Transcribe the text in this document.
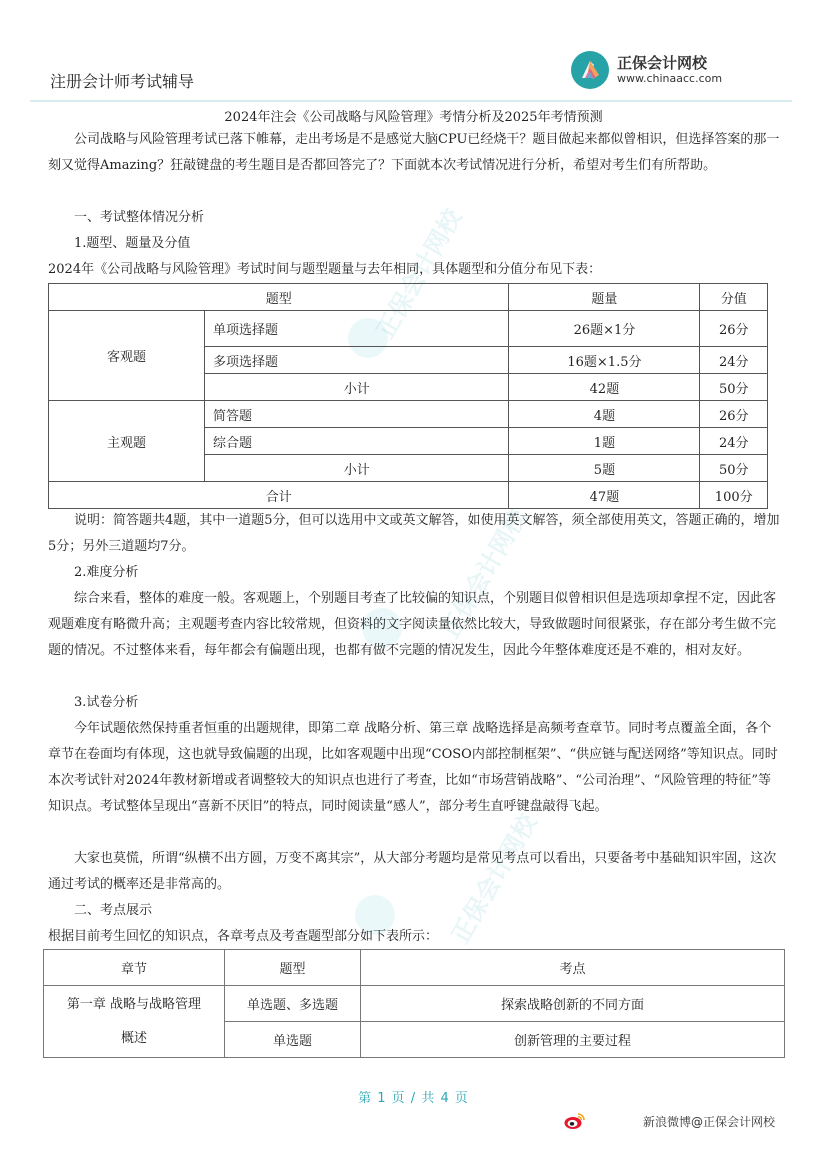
注册会计师考试辅导
正保会计网校
www.chinaacc.com
正保会计网校
正保会计网校
正保会计网校
2024年注会《公司战略与风险管理》考情分析及2025年考情预测
公司战略与风险管理考试已落下帷幕，走出考场是不是感觉大脑CPU已经烧干？题目做起来都似曾相识，但选择答案的那一刻又觉得Amazing？狂敲键盘的考生题目是否都回答完了？下面就本次考试情况进行分析，希望对考生们有所帮助。
一、考试整体情况分析
1.题型、题量及分值
2024年《公司战略与风险管理》考试时间与题型题量与去年相同，具体题型和分值分布见下表：
题型		题量	分值
客观题	单项选择题	26题×1分	26分
	多项选择题	16题×1.5分	24分
	小计	42题	50分
主观题	简答题	4题	26分
	综合题	1题	24分
	小计	5题	50分
合计		47题	100分
说明：简答题共4题，其中一道题5分，但可以选用中文或英文解答，如使用英文解答，须全部使用英文，答题正确的，增加5分；另外三道题均7分。
2.难度分析
综合来看，整体的难度一般。客观题上，个别题目考查了比较偏的知识点，个别题目似曾相识但是选项却拿捏不定，因此客观题难度有略微升高；主观题考查内容比较常规，但资料的文字阅读量依然比较大，导致做题时间很紧张，存在部分考生做不完题的情况。不过整体来看，每年都会有偏题出现，也都有做不完题的情况发生，因此今年整体难度还是不难的，相对友好。
3.试卷分析
今年试题依然保持重者恒重的出题规律，即第二章 战略分析、第三章 战略选择是高频考查章节。同时考点覆盖全面，各个章节在卷面均有体现，这也就导致偏题的出现，比如客观题中出现“COSO内部控制框架”、“供应链与配送网络”等知识点。同时本次考试针对2024年教材新增或者调整较大的知识点也进行了考查，比如“市场营销战略”、“公司治理”、“风险管理的特征”等知识点。考试整体呈现出“喜新不厌旧”的特点，同时阅读量“感人”，部分考生直呼键盘敲得飞起。
大家也莫慌，所谓“纵横不出方圆，万变不离其宗”，从大部分考题均是常见考点可以看出，只要备考中基础知识牢固，这次通过考试的概率还是非常高的。
二、考点展示
根据目前考生回忆的知识点，各章考点及考查题型部分如下表所示：
章节	题型	考点

第一章 战略与战略管理
概述	单选题、多选题	探索战略创新的不同方面
	单选题	创新管理的主要过程
第 1 页 / 共 4 页
新浪微博@正保会计网校
